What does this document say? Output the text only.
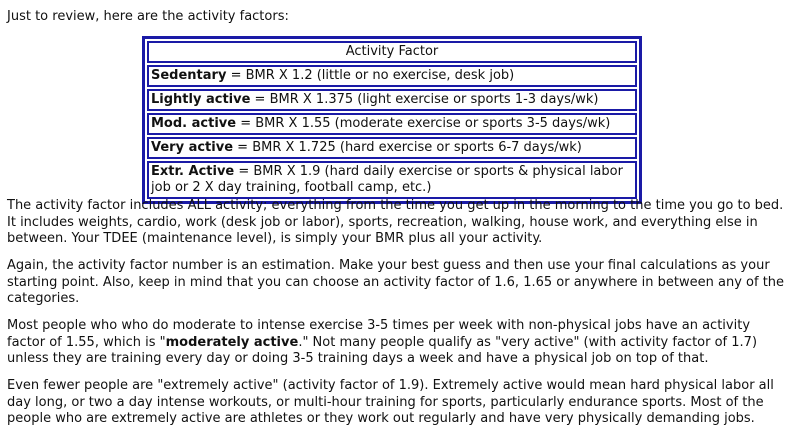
Just to review, here are the activity factors:

Activity Factor
Sedentary = BMR X 1.2 (little or no exercise, desk job)
Lightly active = BMR X 1.375 (light exercise or sports 1-3 days/wk)
Mod. active = BMR X 1.55 (moderate exercise or sports 3-5 days/wk)
Very active = BMR X 1.725 (hard exercise or sports 6-7 days/wk)
Extr. Active = BMR X 1.9 (hard daily exercise or sports & physical labor job or 2 X day training, football camp, etc.)

The activity factor includes ALL activity; everything from the time you get up in the morning to the time you go to bed. It includes weights, cardio, work (desk job or labor), sports, recreation, walking, house work, and everything else in between. Your TDEE (maintenance level), is simply your BMR plus all your activity.

Again, the activity factor number is an estimation. Make your best guess and then use your final calculations as your starting point. Also, keep in mind that you can choose an activity factor of 1.6, 1.65 or anywhere in between any of the categories.

Most people who who do moderate to intense exercise 3-5 times per week with non-physical jobs have an activity factor of 1.55, which is "moderately active." Not many people qualify as "very active" (with activity factor of 1.7) unless they are training every day or doing 3-5 training days a week and have a physical job on top of that.

Even fewer people are "extremely active" (activity factor of 1.9). Extremely active would mean hard physical labor all day long, or two a day intense workouts, or multi-hour training for sports, particularly endurance sports. Most of the people who are extremely active are athletes or they work out regularly and have very physically demanding jobs.
